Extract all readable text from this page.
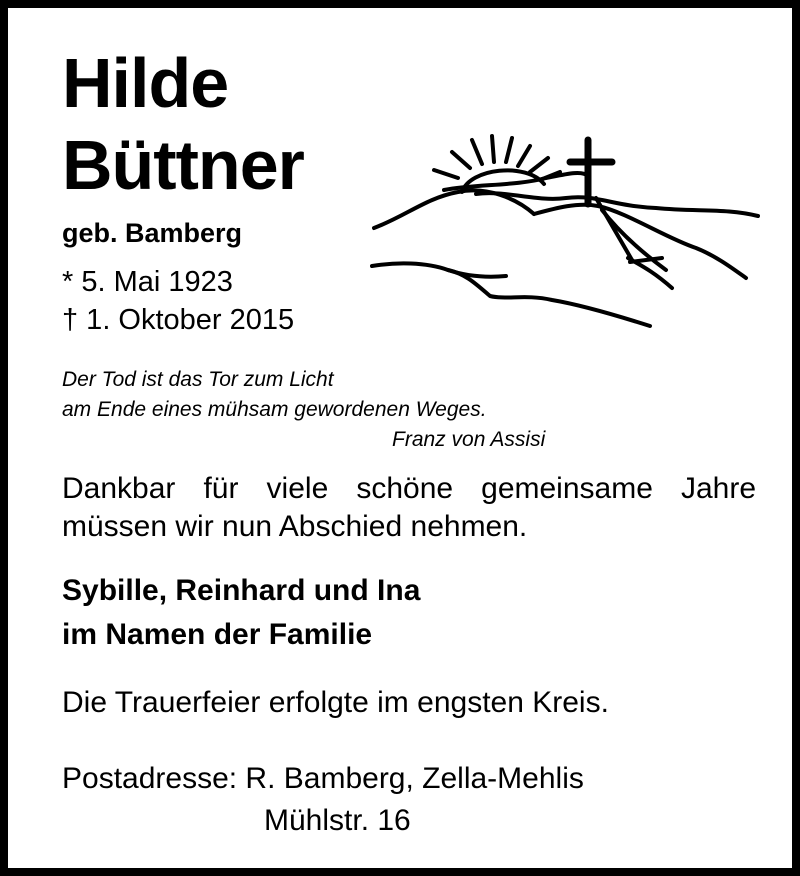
Hilde
Büttner
geb. Bamberg
* 5. Mai 1923
† 1. Oktober 2015
Der Tod ist das Tor zum Licht
am Ende eines mühsam gewordenen Weges.
Franz von Assisi
Dankbar für viele schöne gemeinsame Jahre
müssen wir nun Abschied nehmen.
Sybille, Reinhard und Ina
im Namen der Familie
Die Trauerfeier erfolgte im engsten Kreis.
Postadresse: R. Bamberg, Zella-Mehlis
Mühlstr. 16
